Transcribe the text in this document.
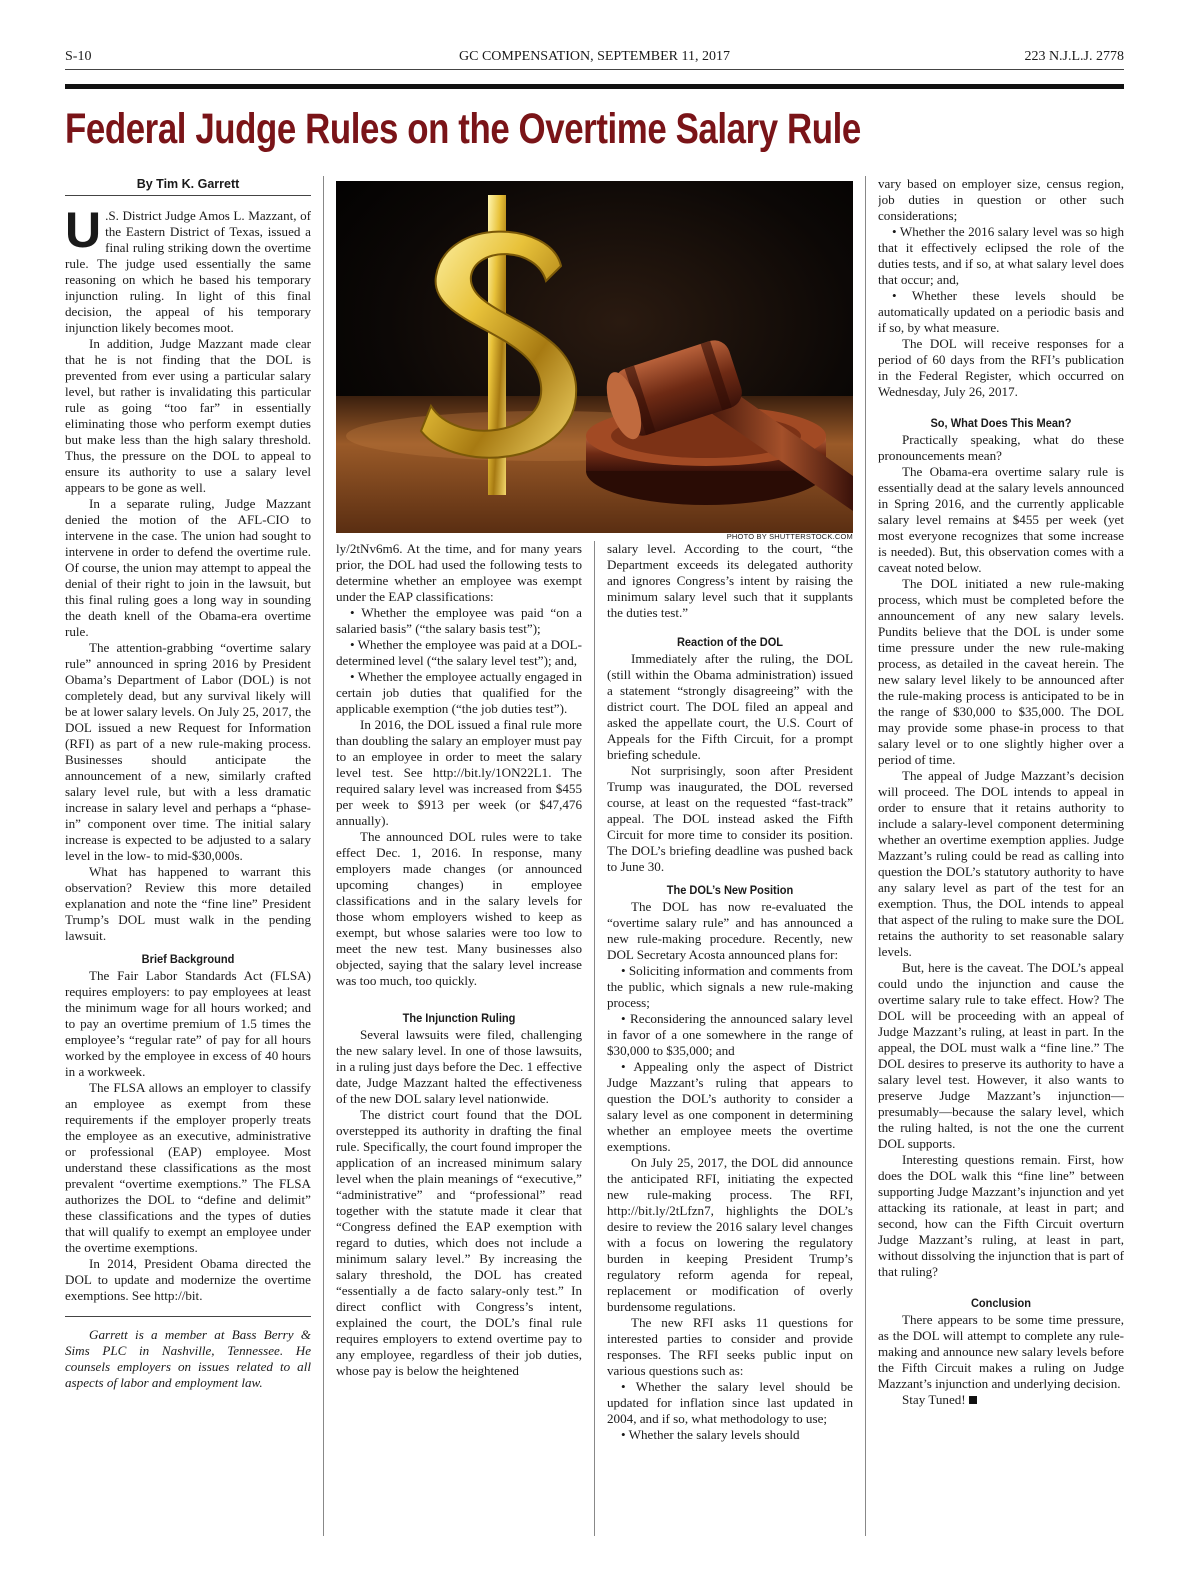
S-10	GC COMPENSATION, SEPTEMBER 11, 2017	223 N.J.L.J. 2778
Federal Judge Rules on the Overtime Salary Rule
PHOTO BY SHUTTERSTOCK.COM
By Tim K. Garrett

U .S. District Judge Amos L. Mazzant, of the Eastern District of Texas, issued a final ruling striking down the overtime rule. The judge used essentially the same reasoning on which he based his temporary injunction ruling. In light of this final decision, the appeal of his temporary injunction likely becomes moot.

In addition, Judge Mazzant made clear that he is not finding that the DOL is prevented from ever using a particular salary level, but rather is invalidating this particular rule as going “too far” in essentially eliminating those who perform exempt duties but make less than the high salary threshold. Thus, the pressure on the DOL to appeal to ensure its authority to use a salary level appears to be gone as well.

In a separate ruling, Judge Mazzant denied the motion of the AFL-CIO to intervene in the case. The union had sought to intervene in order to defend the overtime rule. Of course, the union may attempt to appeal the denial of their right to join in the lawsuit, but this final ruling goes a long way in sounding the death knell of the Obama-era overtime rule.

The attention-grabbing “overtime salary rule” announced in spring 2016 by President Obama’s Department of Labor (DOL) is not completely dead, but any survival likely will be at lower salary levels. On July 25, 2017, the DOL issued a new Request for Information (RFI) as part of a new rule-making process. Businesses should anticipate the announcement of a new, similarly crafted salary level rule, but with a less dramatic increase in salary level and perhaps a “phase-in” component over time. The initial salary increase is expected to be adjusted to a salary level in the low- to mid-$30,000s.

What has happened to warrant this observation? Review this more detailed explanation and note the “fine line” President Trump’s DOL must walk in the pending lawsuit.

Brief Background

The Fair Labor Standards Act (FLSA) requires employers: to pay employees at least the minimum wage for all hours worked; and to pay an overtime premium of 1.5 times the employee’s “regular rate” of pay for all hours worked by the employee in excess of 40 hours in a workweek.

The FLSA allows an employer to classify an employee as exempt from these requirements if the employer properly treats the employee as an executive, administrative or professional (EAP) employee. Most understand these classifications as the most prevalent “overtime exemptions.” The FLSA authorizes the DOL to “define and delimit” these classifications and the types of duties that will qualify to exempt an employee under the overtime exemptions.

In 2014, President Obama directed the DOL to update and modernize the overtime exemptions. See http://bit.

Garrett is a member at Bass Berry & Sims PLC in Nashville, Tennessee. He counsels employers on issues related to all aspects of labor and employment law.

ly/2tNv6m6. At the time, and for many years prior, the DOL had used the following tests to determine whether an employee was exempt under the EAP classifications:

• Whether the employee was paid “on a salaried basis” (“the salary basis test”);

• Whether the employee was paid at a DOL-determined level (“the salary level test”); and,

• Whether the employee actually engaged in certain job duties that qualified for the applicable exemption (“the job duties test”).

In 2016, the DOL issued a final rule more than doubling the salary an employer must pay to an employee in order to meet the salary level test. See http://bit.ly/1ON22L1. The required salary level was increased from $455 per week to $913 per week (or $47,476 annually).

The announced DOL rules were to take effect Dec. 1, 2016. In response, many employers made changes (or announced upcoming changes) in employee classifications and in the salary levels for those whom employers wished to keep as exempt, but whose salaries were too low to meet the new test. Many businesses also objected, saying that the salary level increase was too much, too quickly.

The Injunction Ruling

Several lawsuits were filed, challenging the new salary level. In one of those lawsuits, in a ruling just days before the Dec. 1 effective date, Judge Mazzant halted the effectiveness of the new DOL salary level nationwide.

The district court found that the DOL overstepped its authority in drafting the final rule. Specifically, the court found improper the application of an increased minimum salary level when the plain meanings of “executive,” “administrative” and “professional” read together with the statute made it clear that “Congress defined the EAP exemption with regard to duties, which does not include a minimum salary level.” By increasing the salary threshold, the DOL has created “essentially a de facto salary-only test.” In direct conflict with Congress’s intent, explained the court, the DOL’s final rule requires employers to extend overtime pay to any employee, regardless of their job duties, whose pay is below the heightened

salary level. According to the court, “the Department exceeds its delegated authority and ignores Congress’s intent by raising the minimum salary level such that it supplants the duties test.”

Reaction of the DOL

Immediately after the ruling, the DOL (still within the Obama administration) issued a statement “strongly disagreeing” with the district court. The DOL filed an appeal and asked the appellate court, the U.S. Court of Appeals for the Fifth Circuit, for a prompt briefing schedule.

Not surprisingly, soon after President Trump was inaugurated, the DOL reversed course, at least on the requested “fast-track” appeal. The DOL instead asked the Fifth Circuit for more time to consider its position. The DOL’s briefing deadline was pushed back to June 30.

The DOL’s New Position

The DOL has now re-evaluated the “overtime salary rule” and has announced a new rule-making procedure. Recently, new DOL Secretary Acosta announced plans for:

• Soliciting information and comments from the public, which signals a new rule-making process;

• Reconsidering the announced salary level in favor of a one somewhere in the range of $30,000 to $35,000; and

• Appealing only the aspect of District Judge Mazzant’s ruling that appears to question the DOL’s authority to consider a salary level as one component in determining whether an employee meets the overtime exemptions.

On July 25, 2017, the DOL did announce the anticipated RFI, initiating the expected new rule-making process. The RFI, http://bit.ly/2tLfzn7, highlights the DOL’s desire to review the 2016 salary level changes with a focus on lowering the regulatory burden in keeping President Trump’s regulatory reform agenda for repeal, replacement or modification of overly burdensome regulations.

The new RFI asks 11 questions for interested parties to consider and provide responses. The RFI seeks public input on various questions such as:

• Whether the salary level should be updated for inflation since last updated in 2004, and if so, what methodology to use;

• Whether the salary levels should

vary based on employer size, census region, job duties in question or other such considerations;

• Whether the 2016 salary level was so high that it effectively eclipsed the role of the duties tests, and if so, at what salary level does that occur; and,

• Whether these levels should be automatically updated on a periodic basis and if so, by what measure.

The DOL will receive responses for a period of 60 days from the RFI’s publication in the Federal Register, which occurred on Wednesday, July 26, 2017.

So, What Does This Mean?

Practically speaking, what do these pronouncements mean?

The Obama-era overtime salary rule is essentially dead at the salary levels announced in Spring 2016, and the currently applicable salary level remains at $455 per week (yet most everyone recognizes that some increase is needed). But, this observation comes with a caveat noted below.

The DOL initiated a new rule-making process, which must be completed before the announcement of any new salary levels. Pundits believe that the DOL is under some time pressure under the new rule-making process, as detailed in the caveat herein. The new salary level likely to be announced after the rule-making process is anticipated to be in the range of $30,000 to $35,000. The DOL may provide some phase-in process to that salary level or to one slightly higher over a period of time.

The appeal of Judge Mazzant’s decision will proceed. The DOL intends to appeal in order to ensure that it retains authority to include a salary-level component determining whether an overtime exemption applies. Judge Mazzant’s ruling could be read as calling into question the DOL’s statutory authority to have any salary level as part of the test for an exemption. Thus, the DOL intends to appeal that aspect of the ruling to make sure the DOL retains the authority to set reasonable salary levels.

But, here is the caveat. The DOL’s appeal could undo the injunction and cause the overtime salary rule to take effect. How? The DOL will be proceeding with an appeal of Judge Mazzant’s ruling, at least in part. In the appeal, the DOL must walk a “fine line.” The DOL desires to preserve its authority to have a salary level test. However, it also wants to preserve Judge Mazzant’s injunction—presumably—because the salary level, which the ruling halted, is not the one the current DOL supports.

Interesting questions remain. First, how does the DOL walk this “fine line” between supporting Judge Mazzant’s injunction and yet attacking its rationale, at least in part; and second, how can the Fifth Circuit overturn Judge Mazzant’s ruling, at least in part, without dissolving the injunction that is part of that ruling?

Conclusion

There appears to be some time pressure, as the DOL will attempt to complete any rule-making and announce new salary levels before the Fifth Circuit makes a ruling on Judge Mazzant’s injunction and underlying decision.

Stay Tuned!
